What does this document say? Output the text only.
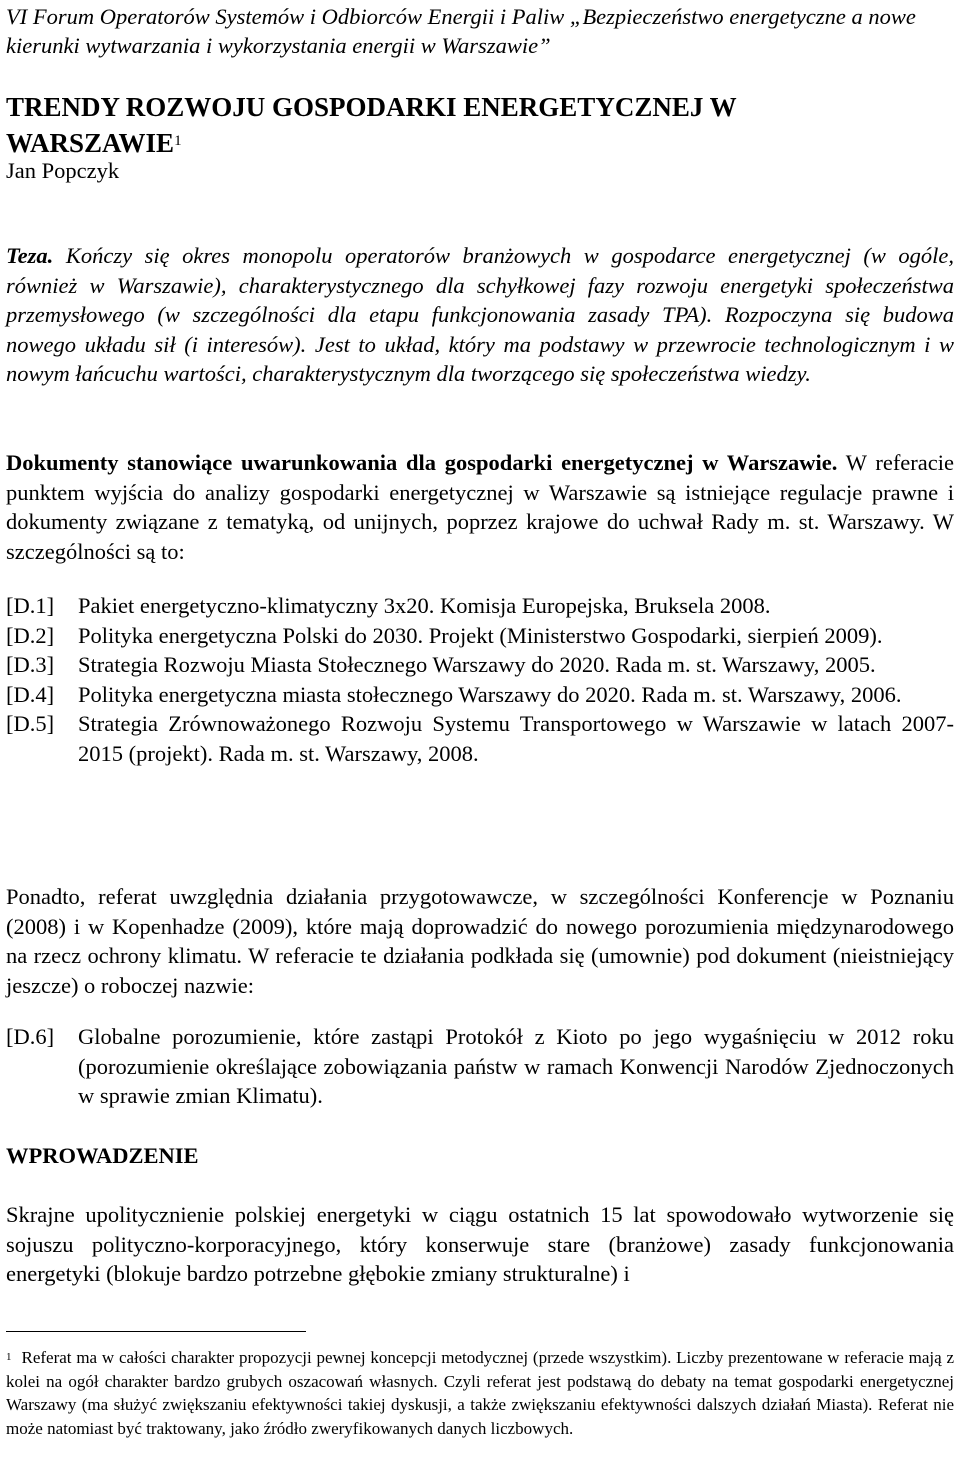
VI Forum Operatorów Systemów i Odbiorców Energii i Paliw „Bezpieczeństwo energetyczne a nowe kierunki wytwarzania i wykorzystania energii w Warszawie”
TRENDY ROZWOJU GOSPODARKI ENERGETYCZNEJ W WARSZAWIE$^1$
Jan Popczyk
Teza. Kończy się okres monopolu operatorów branżowych w gospodarce energetycznej (w ogóle, również w Warszawie), charakterystycznego dla schyłkowej fazy rozwoju energetyki społeczeństwa przemysłowego (w szczególności dla etapu funkcjonowania zasady TPA). Rozpoczyna się budowa nowego układu sił (i interesów). Jest to układ, który ma podstawy w przewrocie technologicznym i w nowym łańcuchu wartości, charakterystycznym dla tworzącego się społeczeństwa wiedzy.
Dokumenty stanowiące uwarunkowania dla gospodarki energetycznej w Warszawie. W referacie punktem wyjścia do analizy gospodarki energetycznej w Warszawie są istniejące regulacje prawne i dokumenty związane z tematyką, od unijnych, poprzez krajowe do uchwał Rady m. st. Warszawy. W szczególności są to:
[D.1]	Pakiet energetyczno-klimatyczny 3x20. Komisja Europejska, Bruksela 2008.
[D.2]	Polityka energetyczna Polski do 2030. Projekt (Ministerstwo Gospodarki, sierpień 2009).
[D.3]	Strategia Rozwoju Miasta Stołecznego Warszawy do 2020. Rada m. st. Warszawy, 2005.
[D.4]	Polityka energetyczna miasta stołecznego Warszawy do 2020. Rada m. st. Warszawy, 2006.
[D.5]	Strategia Zrównoważonego Rozwoju Systemu Transportowego w Warszawie w latach 2007-2015 (projekt). Rada m. st. Warszawy, 2008.
Ponadto, referat uwzględnia działania przygotowawcze, w szczególności Konferencje w Poznaniu (2008) i w Kopenhadze (2009), które mają doprowadzić do nowego porozumienia międzynarodowego na rzecz ochrony klimatu. W referacie te działania podkłada się (umownie) pod dokument (nieistniejący jeszcze) o roboczej nazwie:
[D.6]	Globalne porozumienie, które zastąpi Protokół z Kioto po jego wygaśnięciu w 2012 roku (porozumienie określające zobowiązania państw w ramach Konwencji Narodów Zjednoczonych w sprawie zmian Klimatu).
WPROWADZENIE
Skrajne upolitycznienie polskiej energetyki w ciągu ostatnich 15 lat spowodowało wytworzenie się sojuszu polityczno-korporacyjnego, który konserwuje stare (branżowe) zasady funkcjonowania energetyki (blokuje bardzo potrzebne głębokie zmiany strukturalne) i
$^1$ Referat ma w całości charakter propozycji pewnej koncepcji metodycznej (przede wszystkim). Liczby prezentowane w referacie mają z kolei na ogół charakter bardzo grubych oszacowań własnych. Czyli referat jest podstawą do debaty na temat gospodarki energetycznej Warszawy (ma służyć zwiększaniu efektywności takiej dyskusji, a także zwiększaniu efektywności dalszych działań Miasta). Referat nie może natomiast być traktowany, jako źródło zweryfikowanych danych liczbowych.
